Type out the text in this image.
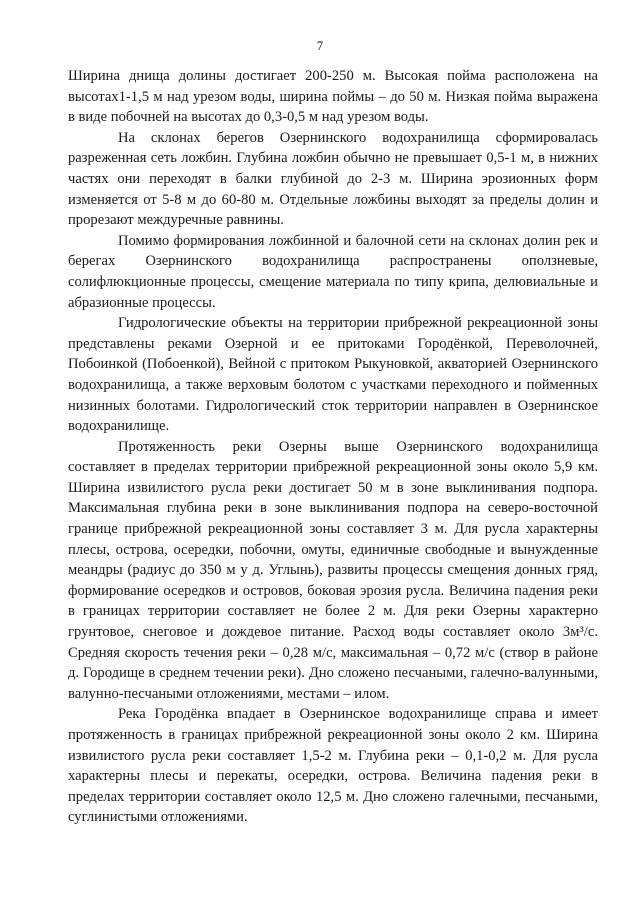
7

Ширина днища долины достигает 200-250 м. Высокая пойма расположена на высотах1-1,5 м над урезом воды, ширина поймы – до 50 м. Низкая пойма выражена в виде побочней на высотах до 0,3-0,5 м над урезом воды.

На склонах берегов Озернинского водохранилища сформировалась разреженная сеть ложбин. Глубина ложбин обычно не превышает 0,5-1 м, в нижних частях они переходят в балки глубиной до 2-3 м. Ширина эрозионных форм изменяется от 5-8 м до 60-80 м. Отдельные ложбины выходят за пределы долин и прорезают междуречные равнины.

Помимо формирования ложбинной и балочной сети на склонах долин рек и берегах Озернинского водохранилища распространены оползневые, солифлюкционные процессы, смещение материала по типу крипа, делювиальные и абразионные процессы.

Гидрологические объекты на территории прибрежной рекреационной зоны представлены реками Озерной и ее притоками Городёнкой, Переволочней, Побоинкой (Побоенкой), Вейной с притоком Рыкуновкой, акваторией Озернинского водохранилища, а также верховым болотом с участками переходного и пойменных низинных болотами. Гидрологический сток территории направлен в Озернинское водохранилище.

Протяженность реки Озерны выше Озернинского водохранилища составляет в пределах территории прибрежной рекреационной зоны около 5,9 км. Ширина извилистого русла реки достигает 50 м в зоне выклинивания подпора. Максимальная глубина реки в зоне выклинивания подпора на северо-восточной границе прибрежной рекреационной зоны составляет 3 м. Для русла характерны плесы, острова, осередки, побочни, омуты, единичные свободные и вынужденные меандры (радиус до 350 м у д. Углынь), развиты процессы смещения донных гряд, формирование осередков и островов, боковая эрозия русла. Величина падения реки в границах территории составляет не более 2 м. Для реки Озерны характерно грунтовое, снеговое и дождевое питание. Расход воды составляет около 3м³/с. Средняя скорость течения реки – 0,28 м/с, максимальная – 0,72 м/с (створ в районе д. Городище в среднем течении реки). Дно сложено песчаными, галечно-валунными, валунно-песчаными отложениями, местами – илом.

Река Городёнка впадает в Озернинское водохранилище справа и имеет протяженность в границах прибрежной рекреационной зоны около 2 км. Ширина извилистого русла реки составляет 1,5-2 м. Глубина реки – 0,1-0,2 м. Для русла характерны плесы и перекаты, осередки, острова. Величина падения реки в пределах территории составляет около 12,5 м. Дно сложено галечными, песчаными, суглинистыми отложениями.
